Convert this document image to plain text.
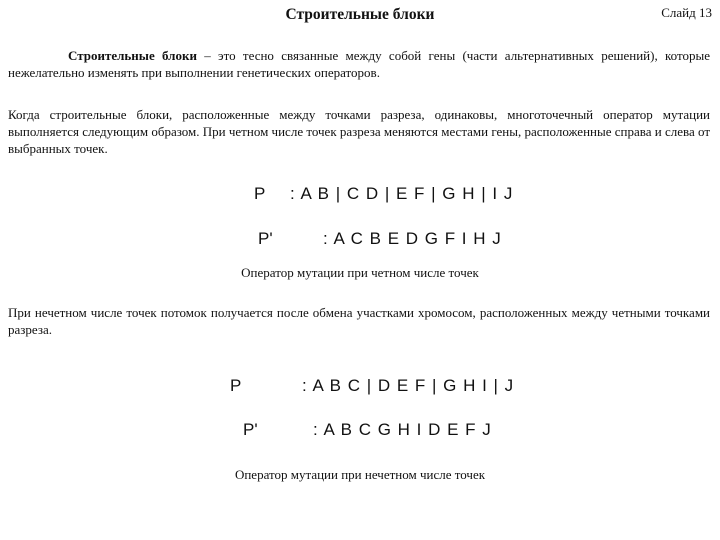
Строительные блоки	Слайд 13
Строительные блоки – это тесно связанные между собой гены (части альтернативных решений), которые нежелательно изменять при выполнении генетических операторов.
Когда строительные блоки, расположенные между точками разреза, одинаковы, многоточечный оператор мутации выполняется следующим образом. При четном числе точек разреза меняются местами гены, расположенные справа и слева от выбранных точек.
P : A B | C D | E F | G H | I J
P'	: A C B E D G F I H J
Оператор мутации при четном числе точек
При нечетном числе точек потомок получается после обмена участками хромосом, расположенных между четными точками разреза.
P	: A B C | D E F | G H I | J
P'	: A B C G H I D E F J
Оператор мутации при нечетном числе точек
